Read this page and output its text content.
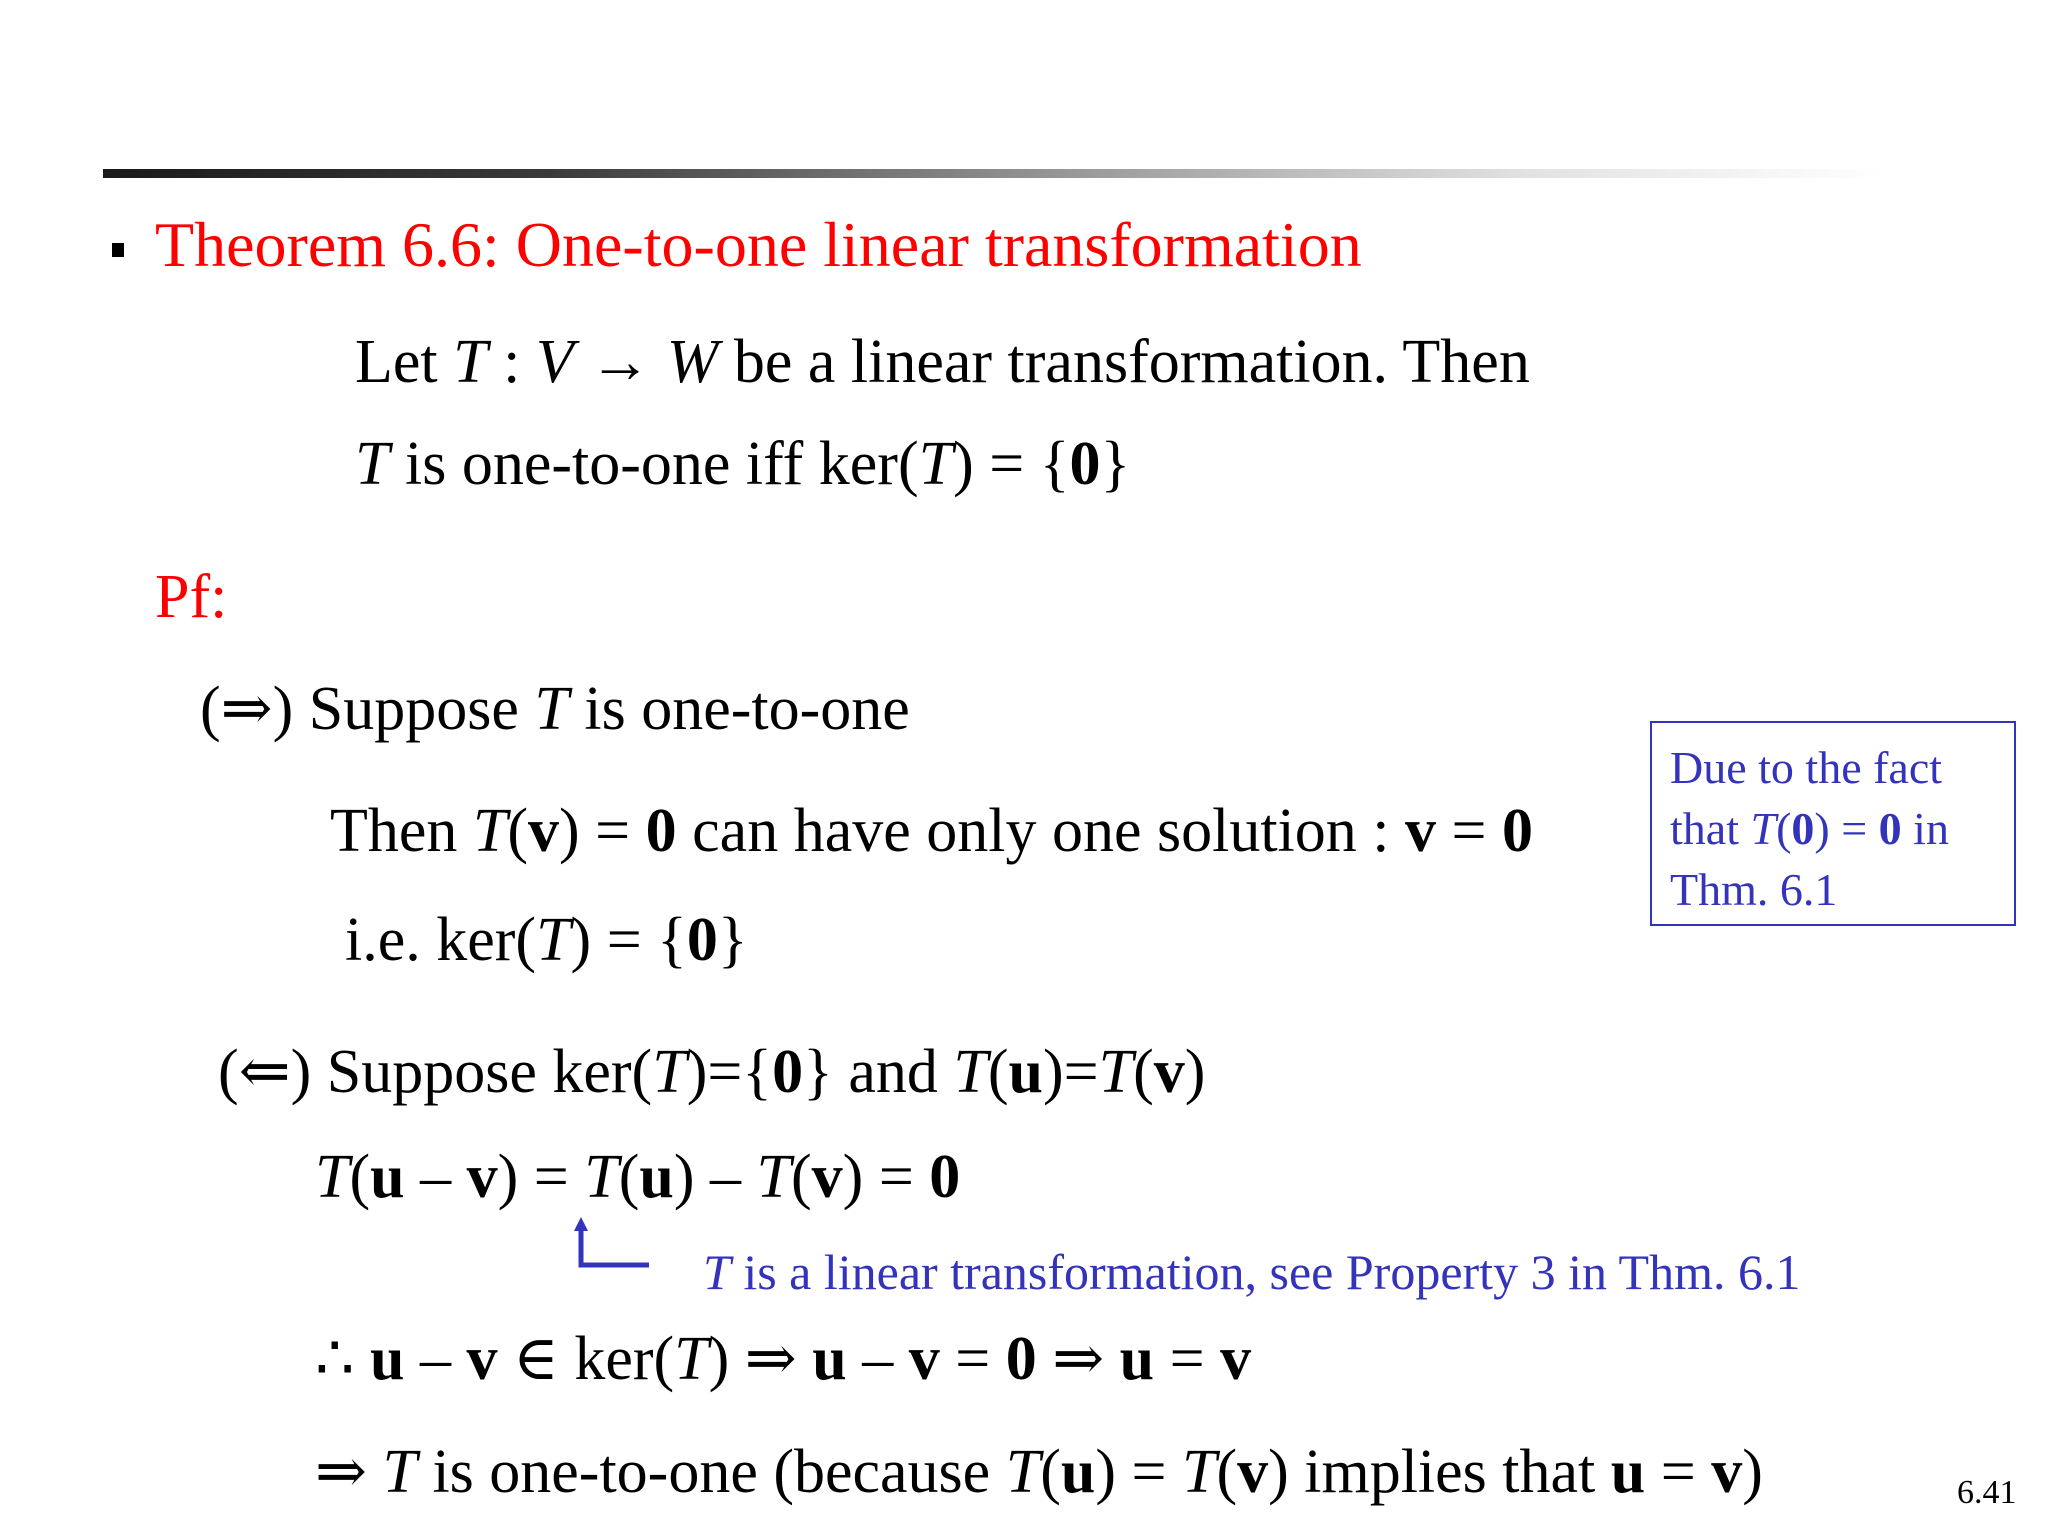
Theorem 6.6: One-to-one linear transformation
Let T : V → W be a linear transformation. Then
T is one-to-one iff ker(T) = {0}
Pf:
(⇒) Suppose T is one-to-one
Then T(v) = 0 can have only one solution : v = 0
i.e. ker(T) = {0}
Due to the fact
that T(0) = 0 in
Thm. 6.1
(⇐) Suppose ker(T)={0} and T(u)=T(v)
T(u – v) = T(u) – T(v) = 0
T is a linear transformation, see Property 3 in Thm. 6.1
∴ u – v ∈ ker(T) ⇒ u – v = 0 ⇒ u = v
⇒ T is one-to-one (because T(u) = T(v) implies that u = v)	6.41
